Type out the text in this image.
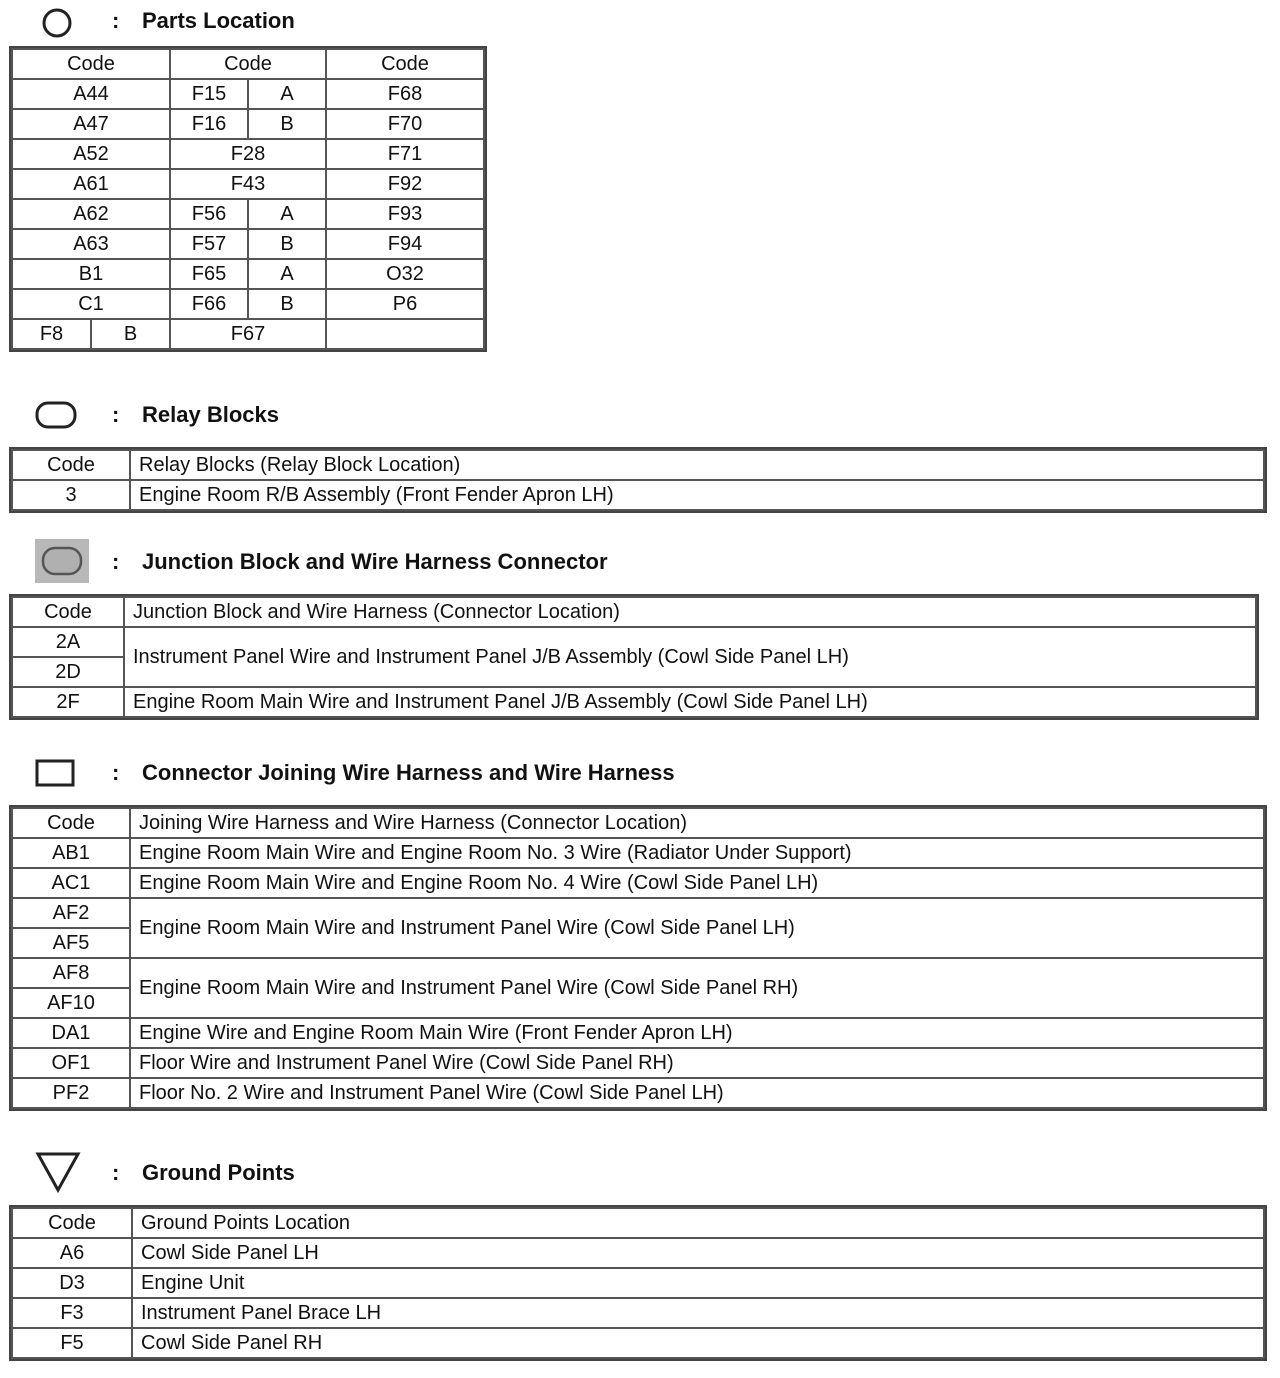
: Parts Location
Code		Code		Code
A44		F15	A	F68
A47		F16	B	F70
A52		F28		F71
A61		F43		F92
A62		F56	A	F93
A63		F57	B	F94
B1		F65	A	O32
C1		F66	B	P6
F8	B	F67		
: Relay Blocks
Code	Relay Blocks (Relay Block Location)
3	Engine Room R/B Assembly (Front Fender Apron LH)
: Junction Block and Wire Harness Connector
Code	Junction Block and Wire Harness (Connector Location)
2A	Instrument Panel Wire and Instrument Panel J/B Assembly (Cowl Side Panel LH)
2D	
2F	Engine Room Main Wire and Instrument Panel J/B Assembly (Cowl Side Panel LH)
: Connector Joining Wire Harness and Wire Harness
Code	Joining Wire Harness and Wire Harness (Connector Location)
AB1	Engine Room Main Wire and Engine Room No. 3 Wire (Radiator Under Support)
AC1	Engine Room Main Wire and Engine Room No. 4 Wire (Cowl Side Panel LH)
AF2	Engine Room Main Wire and Instrument Panel Wire (Cowl Side Panel LH)
AF5	
AF8	Engine Room Main Wire and Instrument Panel Wire (Cowl Side Panel RH)
AF10	
DA1	Engine Wire and Engine Room Main Wire (Front Fender Apron LH)
OF1	Floor Wire and Instrument Panel Wire (Cowl Side Panel RH)
PF2	Floor No. 2 Wire and Instrument Panel Wire (Cowl Side Panel LH)
: Ground Points
Code	Ground Points Location
A6	Cowl Side Panel LH
D3	Engine Unit
F3	Instrument Panel Brace LH
F5	Cowl Side Panel RH
